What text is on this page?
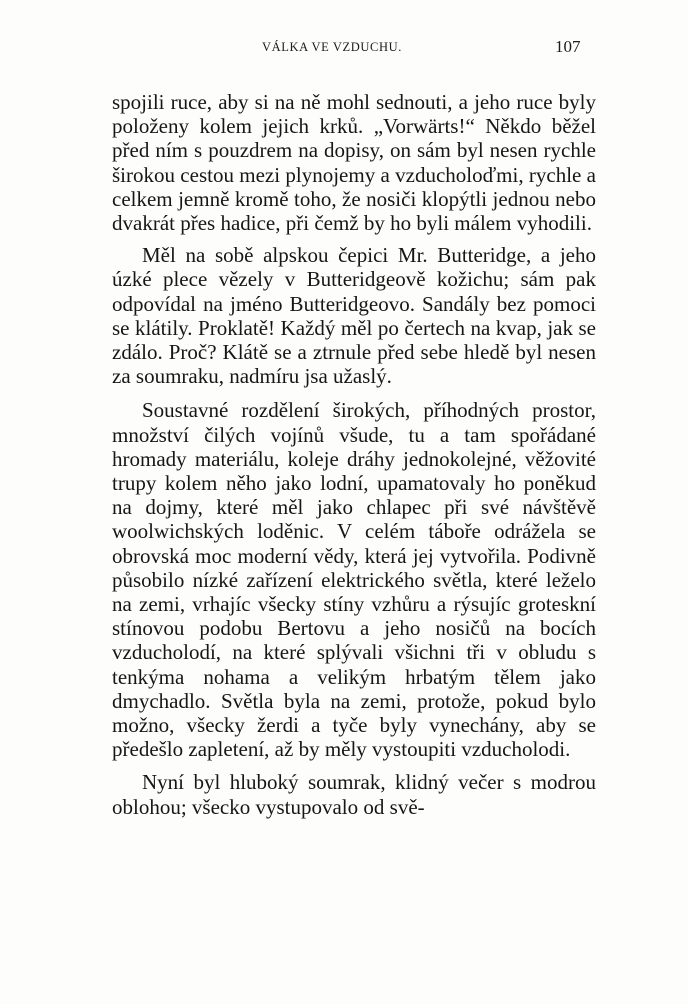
VÁLKA VE VZDUCHU.	107

spojili ruce, aby si na ně mohl sednouti, a jeho ruce byly položeny kolem jejich krků. „Vorwärts!“ Někdo běžel před ním s pouzdrem na dopisy, on sám byl nesen rychle širokou cestou mezi plynojemy a vzducholoďmi, rychle a celkem jemně kromě toho, že nosiči klopýtli jednou nebo dvakrát přes hadice, při čemž by ho byli málem vyhodili.

Měl na sobě alpskou čepici Mr. Butteridge, a jeho úzké plece vězely v Butteridgeově kožichu; sám pak odpovídal na jméno Butteridgeovo. Sandály bez pomoci se klátily. Proklatě! Každý měl po čertech na kvap, jak se zdálo. Proč? Klátě se a ztrnule před sebe hledě byl nesen za soumraku, nadmíru jsa užaslý.

Soustavné rozdělení širokých, příhodných prostor, množství čilých vojínů všude, tu a tam spořádané hromady materiálu, koleje dráhy jednokolejné, věžovité trupy kolem něho jako lodní, upamatovaly ho poněkud na dojmy, které měl jako chlapec při své návštěvě woolwichských loděnic. V celém táboře odrážela se obrovská moc moderní vědy, která jej vytvořila. Podivně působilo nízké zařízení elektrického světla, které leželo na zemi, vrhajíc všecky stíny vzhůru a rýsujíc groteskní stínovou podobu Bertovu a jeho nosičů na bocích vzducholodí, na které splývali všichni tři v obludu s tenkýma nohama a velikým hrbatým tělem jako dmychadlo. Světla byla na zemi, protože, pokud bylo možno, všecky žerdi a tyče byly vynechány, aby se předešlo zapletení, až by měly vystoupiti vzducholodi.

Nyní byl hluboký soumrak, klidný večer s modrou oblohou; všecko vystupovalo od svě-
